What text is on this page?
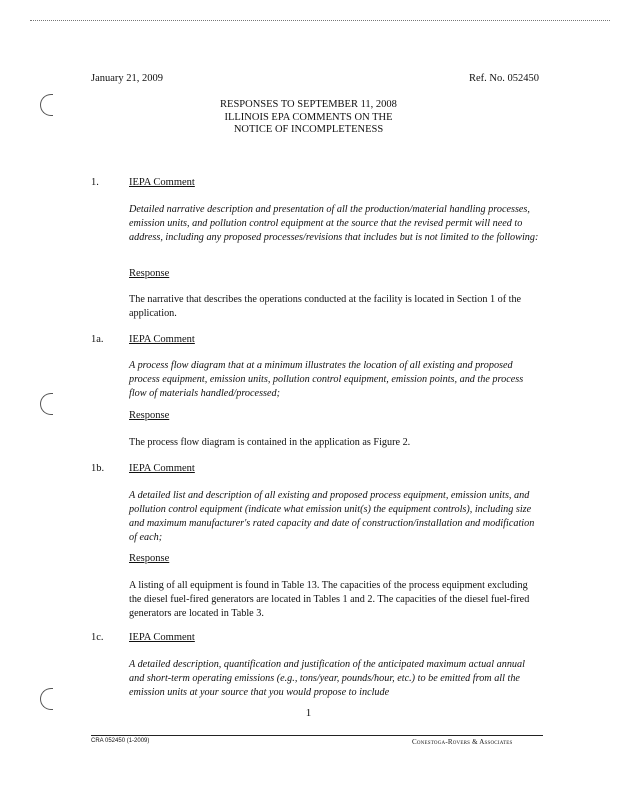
January 21, 2009	Ref. No. 052450
RESPONSES TO SEPTEMBER 11, 2008
ILLINOIS EPA COMMENTS ON THE
NOTICE OF INCOMPLETENESS
1.	IEPA Comment
Detailed narrative description and presentation of all the production/material handling processes, emission units, and pollution control equipment at the source that the revised permit will need to address, including any proposed processes/revisions that includes but is not limited to the following:
Response
The narrative that describes the operations conducted at the facility is located in Section 1 of the application.
1a. IEPA Comment
A process flow diagram that at a minimum illustrates the location of all existing and proposed process equipment, emission units, pollution control equipment, emission points, and the process flow of materials handled/processed;
Response
The process flow diagram is contained in the application as Figure 2.
1b. IEPA Comment
A detailed list and description of all existing and proposed process equipment, emission units, and pollution control equipment (indicate what emission unit(s) the equipment controls), including size and maximum manufacturer's rated capacity and date of construction/installation and modification of each;
Response
A listing of all equipment is found in Table 13. The capacities of the process equipment excluding the diesel fuel-fired generators are located in Tables 1 and 2. The capacities of the diesel fuel-fired generators are located in Table 3.
1c. IEPA Comment
A detailed description, quantification and justification of the anticipated maximum actual annual and short-term operating emissions (e.g., tons/year, pounds/hour, etc.) to be emitted from all the emission units at your source that you would propose to include
1
CRA 052450 (1-2009)	Conestoga-Rovers & Associates
